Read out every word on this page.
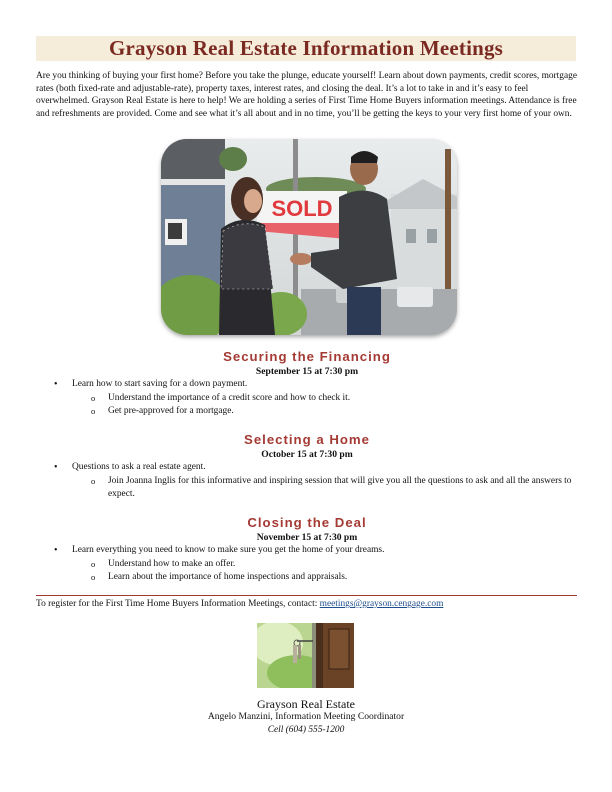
Grayson Real Estate Information Meetings

Are you thinking of buying your first home? Before you take the plunge, educate yourself! Learn about down payments, credit scores, mortgage rates (both fixed-rate and adjustable-rate), property taxes, interest rates, and closing the deal. It’s a lot to take in and it’s easy to feel overwhelmed. Grayson Real Estate is here to help! We are holding a series of First Time Home Buyers information meetings. Attendance is free and refreshments are provided. Come and see what it’s all about and in no time, you’ll be getting the keys to your very first home of your own.

SOLD
Securing the Financing
September 15 at 7:30 pm
• Learn how to start saving for a down payment.
o Understand the importance of a credit score and how to check it.
o Get pre-approved for a mortgage.
Selecting a Home
October 15 at 7:30 pm
• Questions to ask a real estate agent.
o Join Joanna Inglis for this informative and inspiring session that will give you all the questions to ask and all the answers to expect.
Closing the Deal
November 15 at 7:30 pm
• Learn everything you need to know to make sure you get the home of your dreams.
o Understand how to make an offer.
o Learn about the importance of home inspections and appraisals.
To register for the First Time Home Buyers Information Meetings, contact: meetings@grayson.cengage.com
Grayson Real Estate
Angelo Manzini, Information Meeting Coordinator
Cell (604) 555-1200
